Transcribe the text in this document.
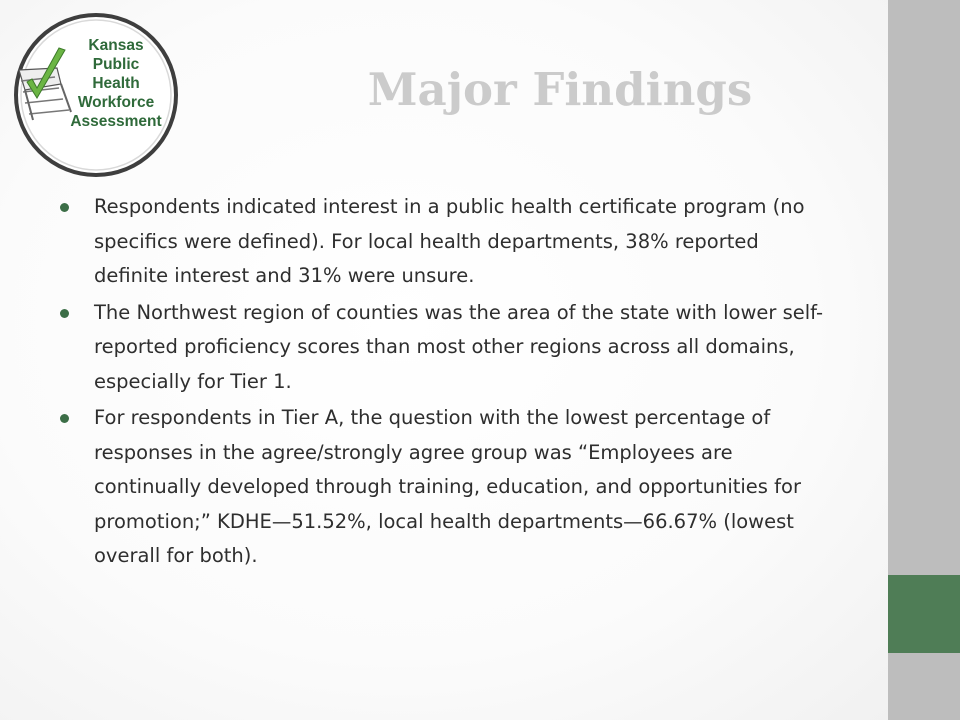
Kansas
Public
Health
Workforce
Assessment
Major Findings
Respondents indicated interest in a public health certificate program (no specifics were defined). For local health departments, 38% reported definite interest and 31% were unsure.
The Northwest region of counties was the area of the state with lower self-reported proficiency scores than most other regions across all domains, especially for Tier 1.
For respondents in Tier A, the question with the lowest percentage of responses in the agree/strongly agree group was “Employees are continually developed through training, education, and opportunities for promotion;” KDHE—51.52%, local health departments—66.67% (lowest overall for both).
